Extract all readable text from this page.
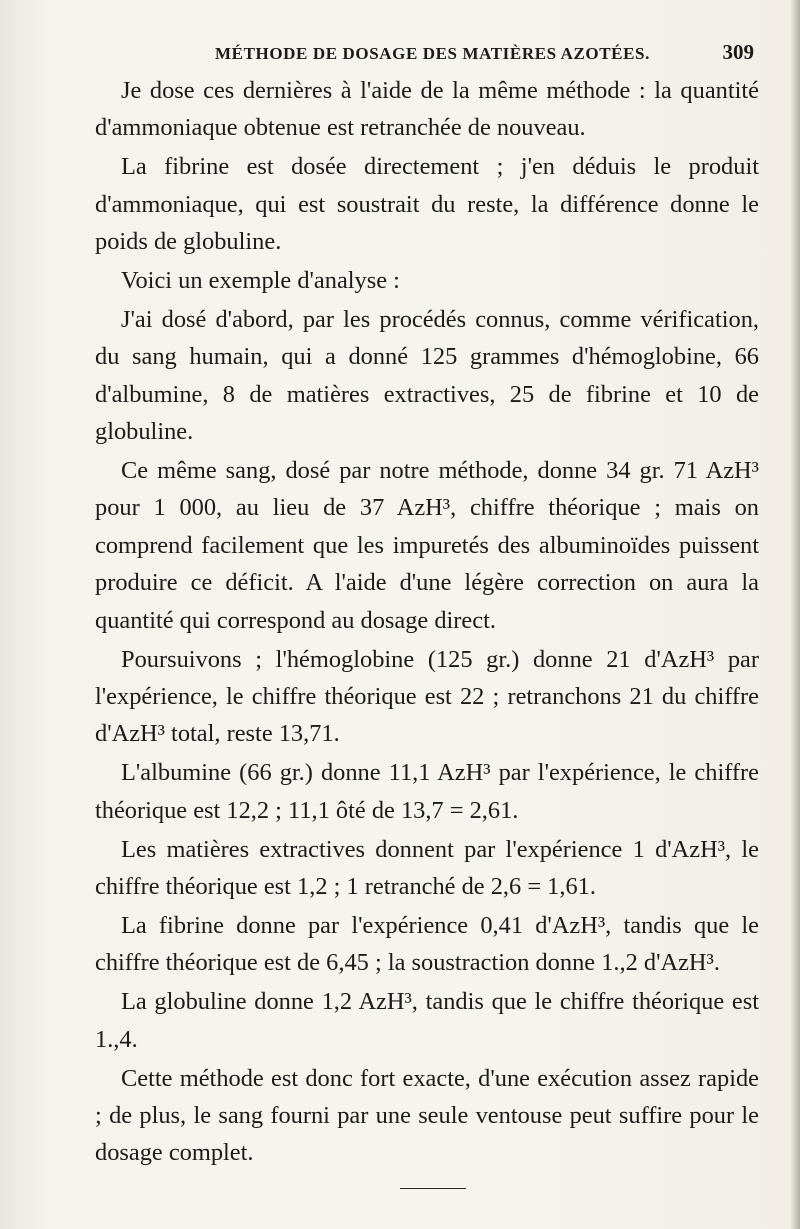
MÉTHODE DE DOSAGE DES MATIÈRES AZOTÉES.	309

Je dose ces dernières à l'aide de la même méthode : la quantité d'ammoniaque obtenue est retranchée de nouveau.

La fibrine est dosée directement ; j'en déduis le produit d'ammoniaque, qui est soustrait du reste, la différence donne le poids de globuline.

Voici un exemple d'analyse :

J'ai dosé d'abord, par les procédés connus, comme vérification, du sang humain, qui a donné 125 grammes d'hémoglobine, 66 d'albumine, 8 de matières extractives, 25 de fibrine et 10 de globuline.

Ce même sang, dosé par notre méthode, donne 34 gr. 71 AzH³ pour 1 000, au lieu de 37 AzH³, chiffre théorique ; mais on comprend facilement que les impuretés des albuminoïdes puissent produire ce déficit. A l'aide d'une légère correction on aura la quantité qui correspond au dosage direct.

Poursuivons ; l'hémoglobine (125 gr.) donne 21 d'AzH³ par l'expérience, le chiffre théorique est 22 ; retranchons 21 du chiffre d'AzH³ total, reste 13,71.

L'albumine (66 gr.) donne 11,1 AzH³ par l'expérience, le chiffre théorique est 12,2 ; 11,1 ôté de 13,7 = 2,61.

Les matières extractives donnent par l'expérience 1 d'AzH³, le chiffre théorique est 1,2 ; 1 retranché de 2,6 = 1,61.

La fibrine donne par l'expérience 0,41 d'AzH³, tandis que le chiffre théorique est de 6,45 ; la soustraction donne 1.,2 d'AzH³.

La globuline donne 1,2 AzH³, tandis que le chiffre théorique est 1.,4.

Cette méthode est donc fort exacte, d'une exécution assez rapide ; de plus, le sang fourni par une seule ventouse peut suffire pour le dosage complet.
